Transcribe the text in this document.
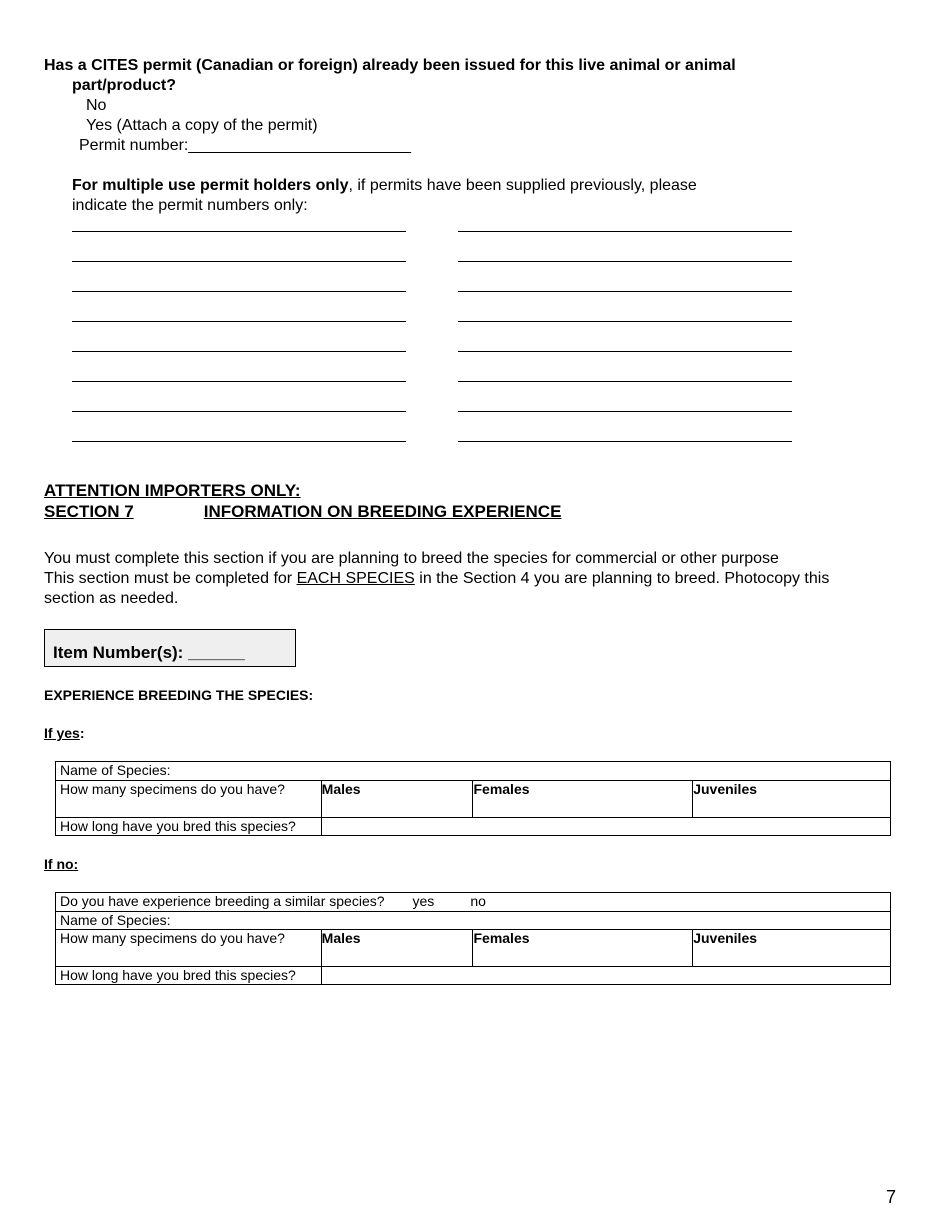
Has a CITES permit (Canadian or foreign) already been issued for this live animal or animal
part/product?
No
Yes (Attach a copy of the permit)
Permit number:_________________________
For multiple use permit holders only, if permits have been supplied previously, please
indicate the permit numbers only:
ATTENTION IMPORTERS ONLY:
SECTION 7	INFORMATION ON BREEDING EXPERIENCE
You must complete this section if you are planning to breed the species for commercial or other purpose
This section must be completed for EACH SPECIES in the Section 4 you are planning to breed. Photocopy this
section as needed.
Item Number(s): ______
EXPERIENCE BREEDING THE SPECIES:
If yes:
Name of Species:			
How many specimens do you have?	Males	Females	Juveniles
How long have you bred this species?			
If no:
Do you have experience breeding a similar species? yes no			
Name of Species:			
How many specimens do you have?	Males	Females	Juveniles
How long have you bred this species?			
7
